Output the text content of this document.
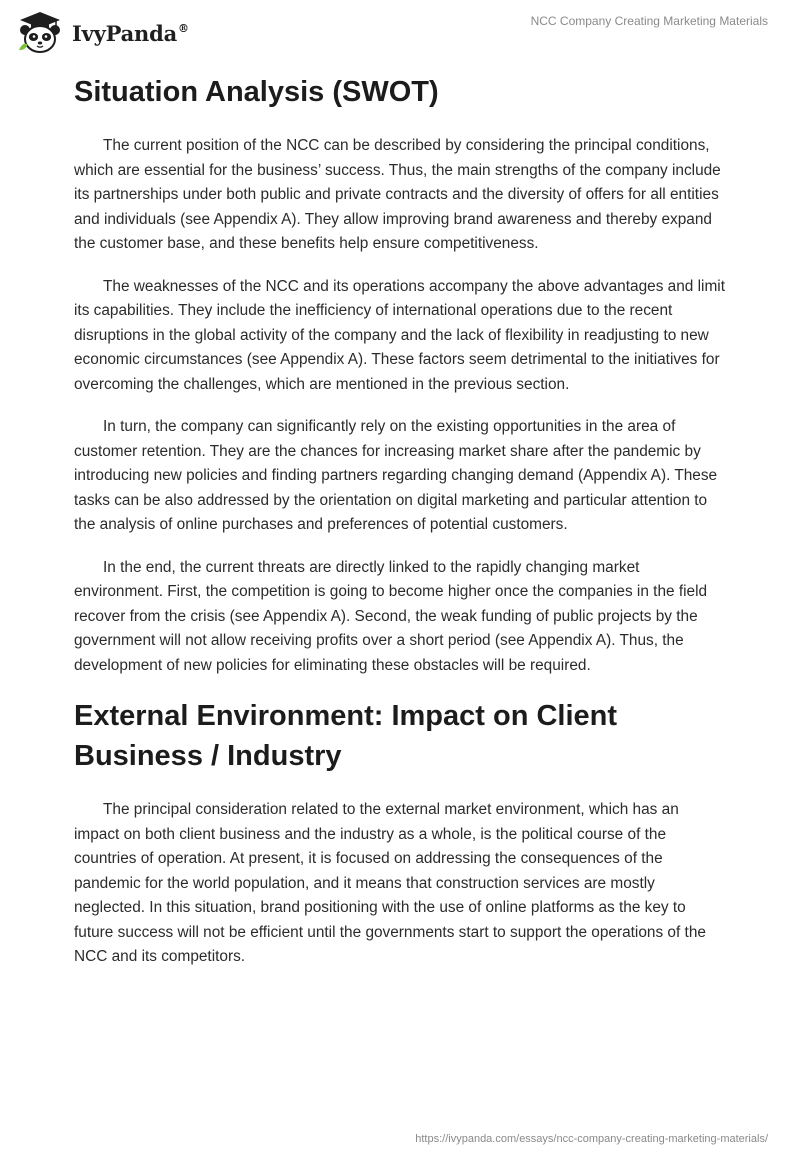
IvyPanda®	NCC Company Creating Marketing Materials
Situation Analysis (SWOT)

The current position of the NCC can be described by considering the principal conditions, which are essential for the business’ success. Thus, the main strengths of the company include its partnerships under both public and private contracts and the diversity of offers for all entities and individuals (see Appendix A). They allow improving brand awareness and thereby expand the customer base, and these benefits help ensure competitiveness.

The weaknesses of the NCC and its operations accompany the above advantages and limit its capabilities. They include the inefficiency of international operations due to the recent disruptions in the global activity of the company and the lack of flexibility in readjusting to new economic circumstances (see Appendix A). These factors seem detrimental to the initiatives for overcoming the challenges, which are mentioned in the previous section.

In turn, the company can significantly rely on the existing opportunities in the area of customer retention. They are the chances for increasing market share after the pandemic by introducing new policies and finding partners regarding changing demand (Appendix A). These tasks can be also addressed by the orientation on digital marketing and particular attention to the analysis of online purchases and preferences of potential customers.

In the end, the current threats are directly linked to the rapidly changing market environment. First, the competition is going to become higher once the companies in the field recover from the crisis (see Appendix A). Second, the weak funding of public projects by the government will not allow receiving profits over a short period (see Appendix A). Thus, the development of new policies for eliminating these obstacles will be required.

External Environment: Impact on Client Business / Industry

The principal consideration related to the external market environment, which has an impact on both client business and the industry as a whole, is the political course of the countries of operation. At present, it is focused on addressing the consequences of the pandemic for the world population, and it means that construction services are mostly neglected. In this situation, brand positioning with the use of online platforms as the key to future success will not be efficient until the governments start to support the operations of the NCC and its competitors.

https://ivypanda.com/essays/ncc-company-creating-marketing-materials/
